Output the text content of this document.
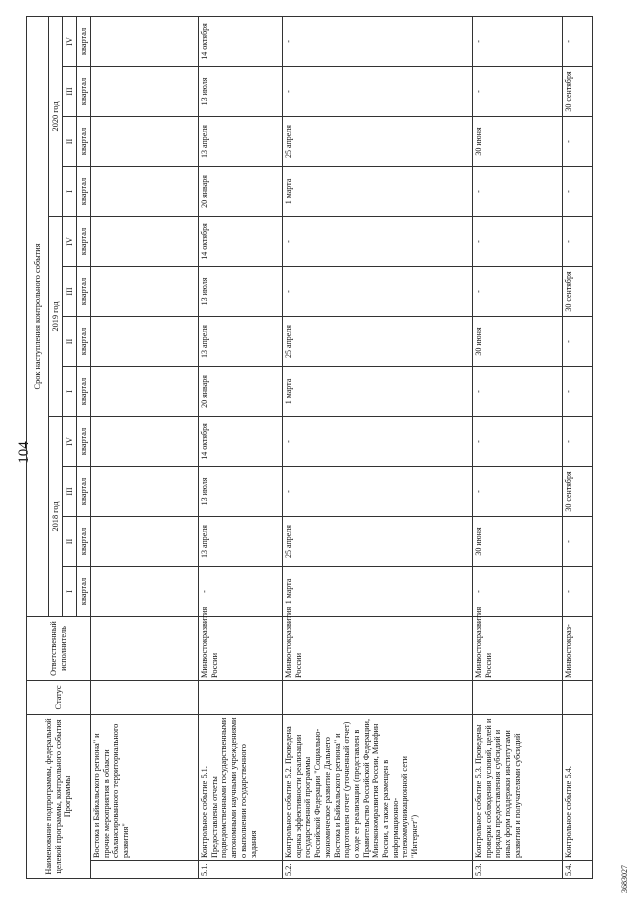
104
Наименование подпрограммы, федеральной целевой программы, контрольного события Программы		Статус	Ответственный исполнитель	Срок наступления контрольного события											
				2018 год				2019 год				2020 год			
				I	II	III	IV	I	II	III	IV	I	II	III	IV
				квартал	квартал	квартал	квартал	квартал	квартал	квартал	квартал	квартал	квартал	квартал	квартал
	Востока и Байкальского региона" и прочие мероприятия в области сбалансированного территориального развития"														
5.1.	Контрольное событие 5.1. Предоставлены отчеты подведомственными государственными автономными научными учреждениями о выполнении государственного задания		Минвостокразвития России	-	13 апреля	13 июля	14 октября	20 января	13 апреля	13 июля	14 октября	20 января	13 апреля	13 июля	14 октября
5.2.	Контрольное событие 5.2. Проведена оценка эффективности реализации государственной программы Российской Федерации "Социально-экономическое развитие Дальнего Востока и Байкальского региона" и подготовлен отчет (уточненный отчет) о ходе ее реализации (представлен в Правительство Российской Федерации, Минэкономразвития России, Минфин России, а также размещен в информационно-телекоммуникационной сети "Интернет")		Минвостокразвития России	1 марта	25 апреля	-	-	1 марта	25 апреля	-	-	1 марта	25 апреля	-	-
5.3.	Контрольное событие 5.3. Проведены проверки соблюдения условий, целей и порядка предоставления субсидий и иных форм поддержки институтами развития и получателями субсидий		Минвостокразвития России	-	30 июня	-	-	-	30 июня	-	-	-	30 июня	-	-
5.4.	Контрольное событие 5.4.		Минвостокраз-	-	-	30 сентября	-	-	-	30 сентября	-	-	-	30 сентября	-
3683027
